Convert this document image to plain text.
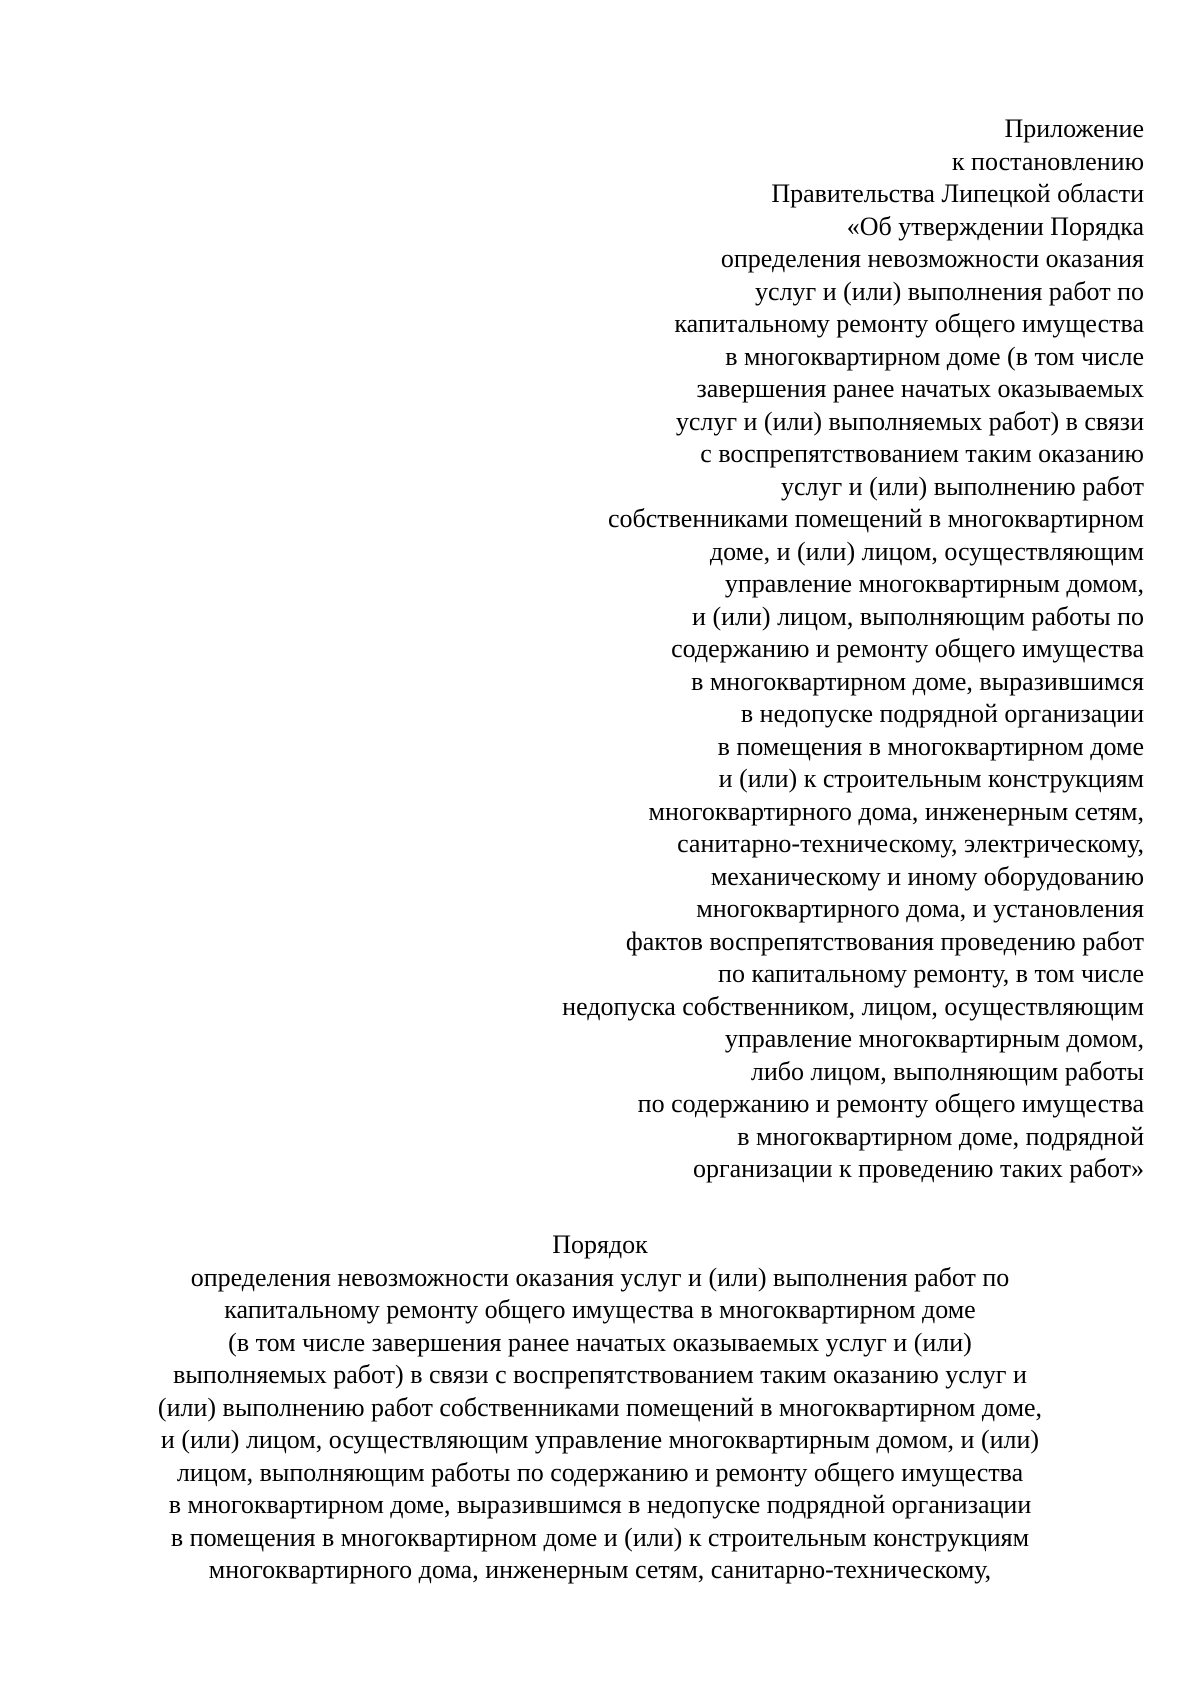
Приложение
к постановлению
Правительства Липецкой области
«Об утверждении Порядка
определения невозможности оказания
услуг и (или) выполнения работ по
капитальному ремонту общего имущества
в многоквартирном доме (в том числе
завершения ранее начатых оказываемых
услуг и (или) выполняемых работ) в связи
с воспрепятствованием таким оказанию
услуг и (или) выполнению работ
собственниками помещений в многоквартирном
доме, и (или) лицом, осуществляющим
управление многоквартирным домом,
и (или) лицом, выполняющим работы по
содержанию и ремонту общего имущества
в многоквартирном доме, выразившимся
в недопуске подрядной организации
в помещения в многоквартирном доме
и (или) к строительным конструкциям
многоквартирного дома, инженерным сетям,
санитарно-техническому, электрическому,
механическому и иному оборудованию
многоквартирного дома, и установления
фактов воспрепятствования проведению работ
по капитальному ремонту, в том числе
недопуска собственником, лицом, осуществляющим
управление многоквартирным домом,
либо лицом, выполняющим работы
по содержанию и ремонту общего имущества
в многоквартирном доме, подрядной
организации к проведению таких работ»
Порядок
определения невозможности оказания услуг и (или) выполнения работ по
капитальному ремонту общего имущества в многоквартирном доме
(в том числе завершения ранее начатых оказываемых услуг и (или)
выполняемых работ) в связи с воспрепятствованием таким оказанию услуг и
(или) выполнению работ собственниками помещений в многоквартирном доме,
и (или) лицом, осуществляющим управление многоквартирным домом, и (или)
лицом, выполняющим работы по содержанию и ремонту общего имущества
в многоквартирном доме, выразившимся в недопуске подрядной организации
в помещения в многоквартирном доме и (или) к строительным конструкциям
многоквартирного дома, инженерным сетям, санитарно-техническому,
